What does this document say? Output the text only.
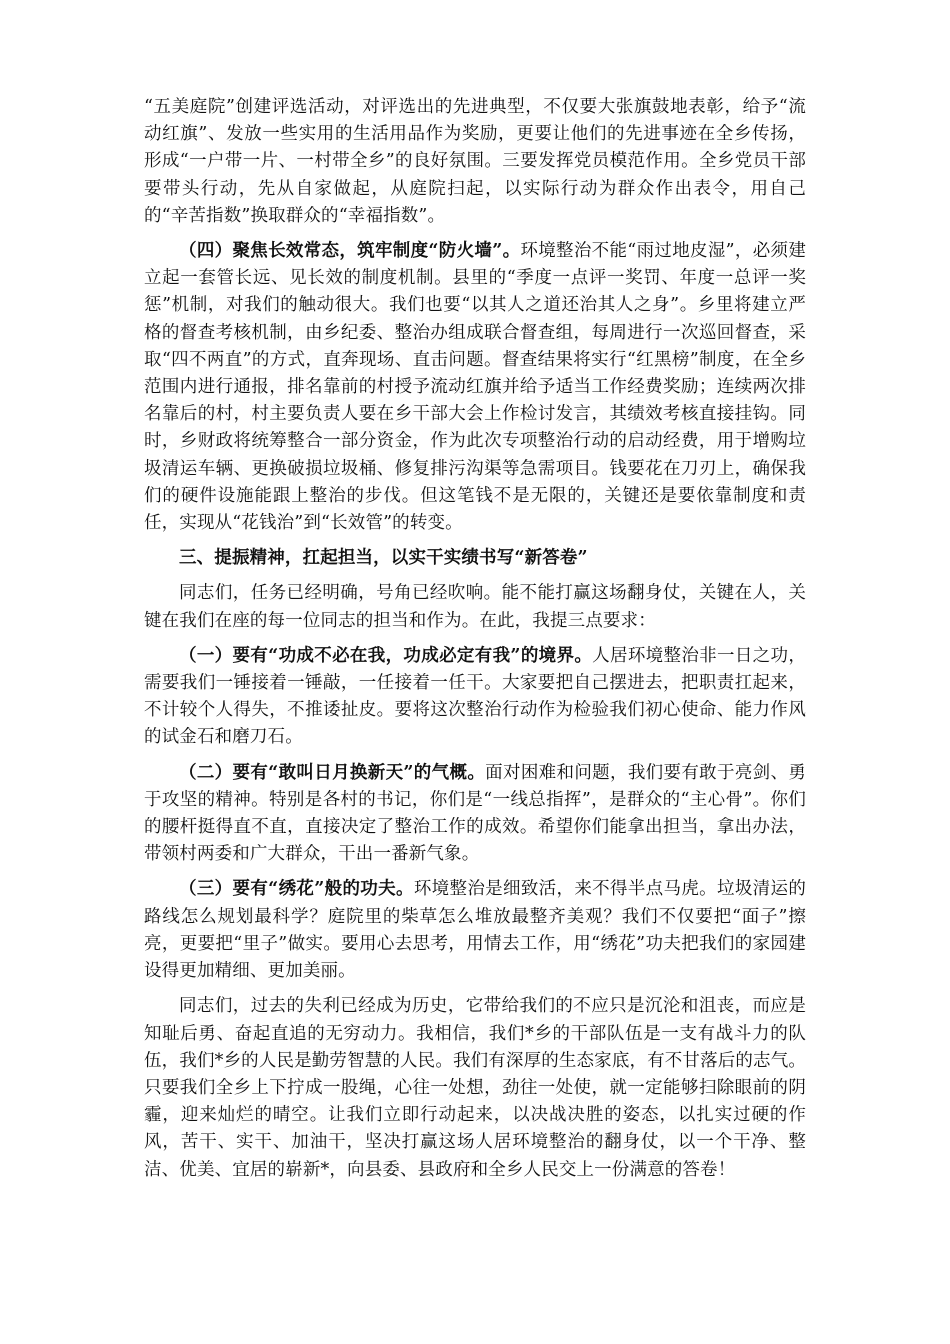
“五美庭院”创建评选活动，对评选出的先进典型，不仅要大张旗鼓地表彰，给予“流动红旗”、发放一些实用的生活用品作为奖励，更要让他们的先进事迹在全乡传扬，形成“一户带一片、一村带全乡”的良好氛围。三要发挥党员模范作用。全乡党员干部要带头行动，先从自家做起，从庭院扫起，以实际行动为群众作出表令，用自己的“辛苦指数”换取群众的“幸福指数”。

（四）聚焦长效常态，筑牢制度“防火墙”。环境整治不能“雨过地皮湿”，必须建立起一套管长远、见长效的制度机制。县里的“季度一点评一奖罚、年度一总评一奖惩”机制，对我们的触动很大。我们也要“以其人之道还治其人之身”。乡里将建立严格的督查考核机制，由乡纪委、整治办组成联合督查组，每周进行一次巡回督查，采取“四不两直”的方式，直奔现场、直击问题。督查结果将实行“红黑榜”制度，在全乡范围内进行通报，排名靠前的村授予流动红旗并给予适当工作经费奖励；连续两次排名靠后的村，村主要负责人要在乡干部大会上作检讨发言，其绩效考核直接挂钩。同时，乡财政将统筹整合一部分资金，作为此次专项整治行动的启动经费，用于增购垃圾清运车辆、更换破损垃圾桶、修复排污沟渠等急需项目。钱要花在刀刃上，确保我们的硬件设施能跟上整治的步伐。但这笔钱不是无限的，关键还是要依靠制度和责任，实现从“花钱治”到“长效管”的转变。

三、提振精神，扛起担当，以实干实绩书写“新答卷”

同志们，任务已经明确，号角已经吹响。能不能打赢这场翻身仗，关键在人，关键在我们在座的每一位同志的担当和作为。在此，我提三点要求：

（一）要有“功成不必在我，功成必定有我”的境界。人居环境整治非一日之功，需要我们一锤接着一锤敲，一任接着一任干。大家要把自己摆进去，把职责扛起来，不计较个人得失，不推诿扯皮。要将这次整治行动作为检验我们初心使命、能力作风的试金石和磨刀石。

（二）要有“敢叫日月换新天”的气概。面对困难和问题，我们要有敢于亮剑、勇于攻坚的精神。特别是各村的书记，你们是“一线总指挥”，是群众的“主心骨”。你们的腰杆挺得直不直，直接决定了整治工作的成效。希望你们能拿出担当，拿出办法，带领村两委和广大群众，干出一番新气象。

（三）要有“绣花”般的功夫。环境整治是细致活，来不得半点马虎。垃圾清运的路线怎么规划最科学？庭院里的柴草怎么堆放最整齐美观？我们不仅要把“面子”擦亮，更要把“里子”做实。要用心去思考，用情去工作，用“绣花”功夫把我们的家园建设得更加精细、更加美丽。

同志们，过去的失利已经成为历史，它带给我们的不应只是沉沦和沮丧，而应是知耻后勇、奋起直追的无穷动力。我相信，我们*乡的干部队伍是一支有战斗力的队伍，我们*乡的人民是勤劳智慧的人民。我们有深厚的生态家底，有不甘落后的志气。只要我们全乡上下拧成一股绳，心往一处想，劲往一处使，就一定能够扫除眼前的阴霾，迎来灿烂的晴空。让我们立即行动起来，以决战决胜的姿态，以扎实过硬的作风，苦干、实干、加油干，坚决打赢这场人居环境整治的翻身仗，以一个干净、整洁、优美、宜居的崭新*，向县委、县政府和全乡人民交上一份满意的答卷！
